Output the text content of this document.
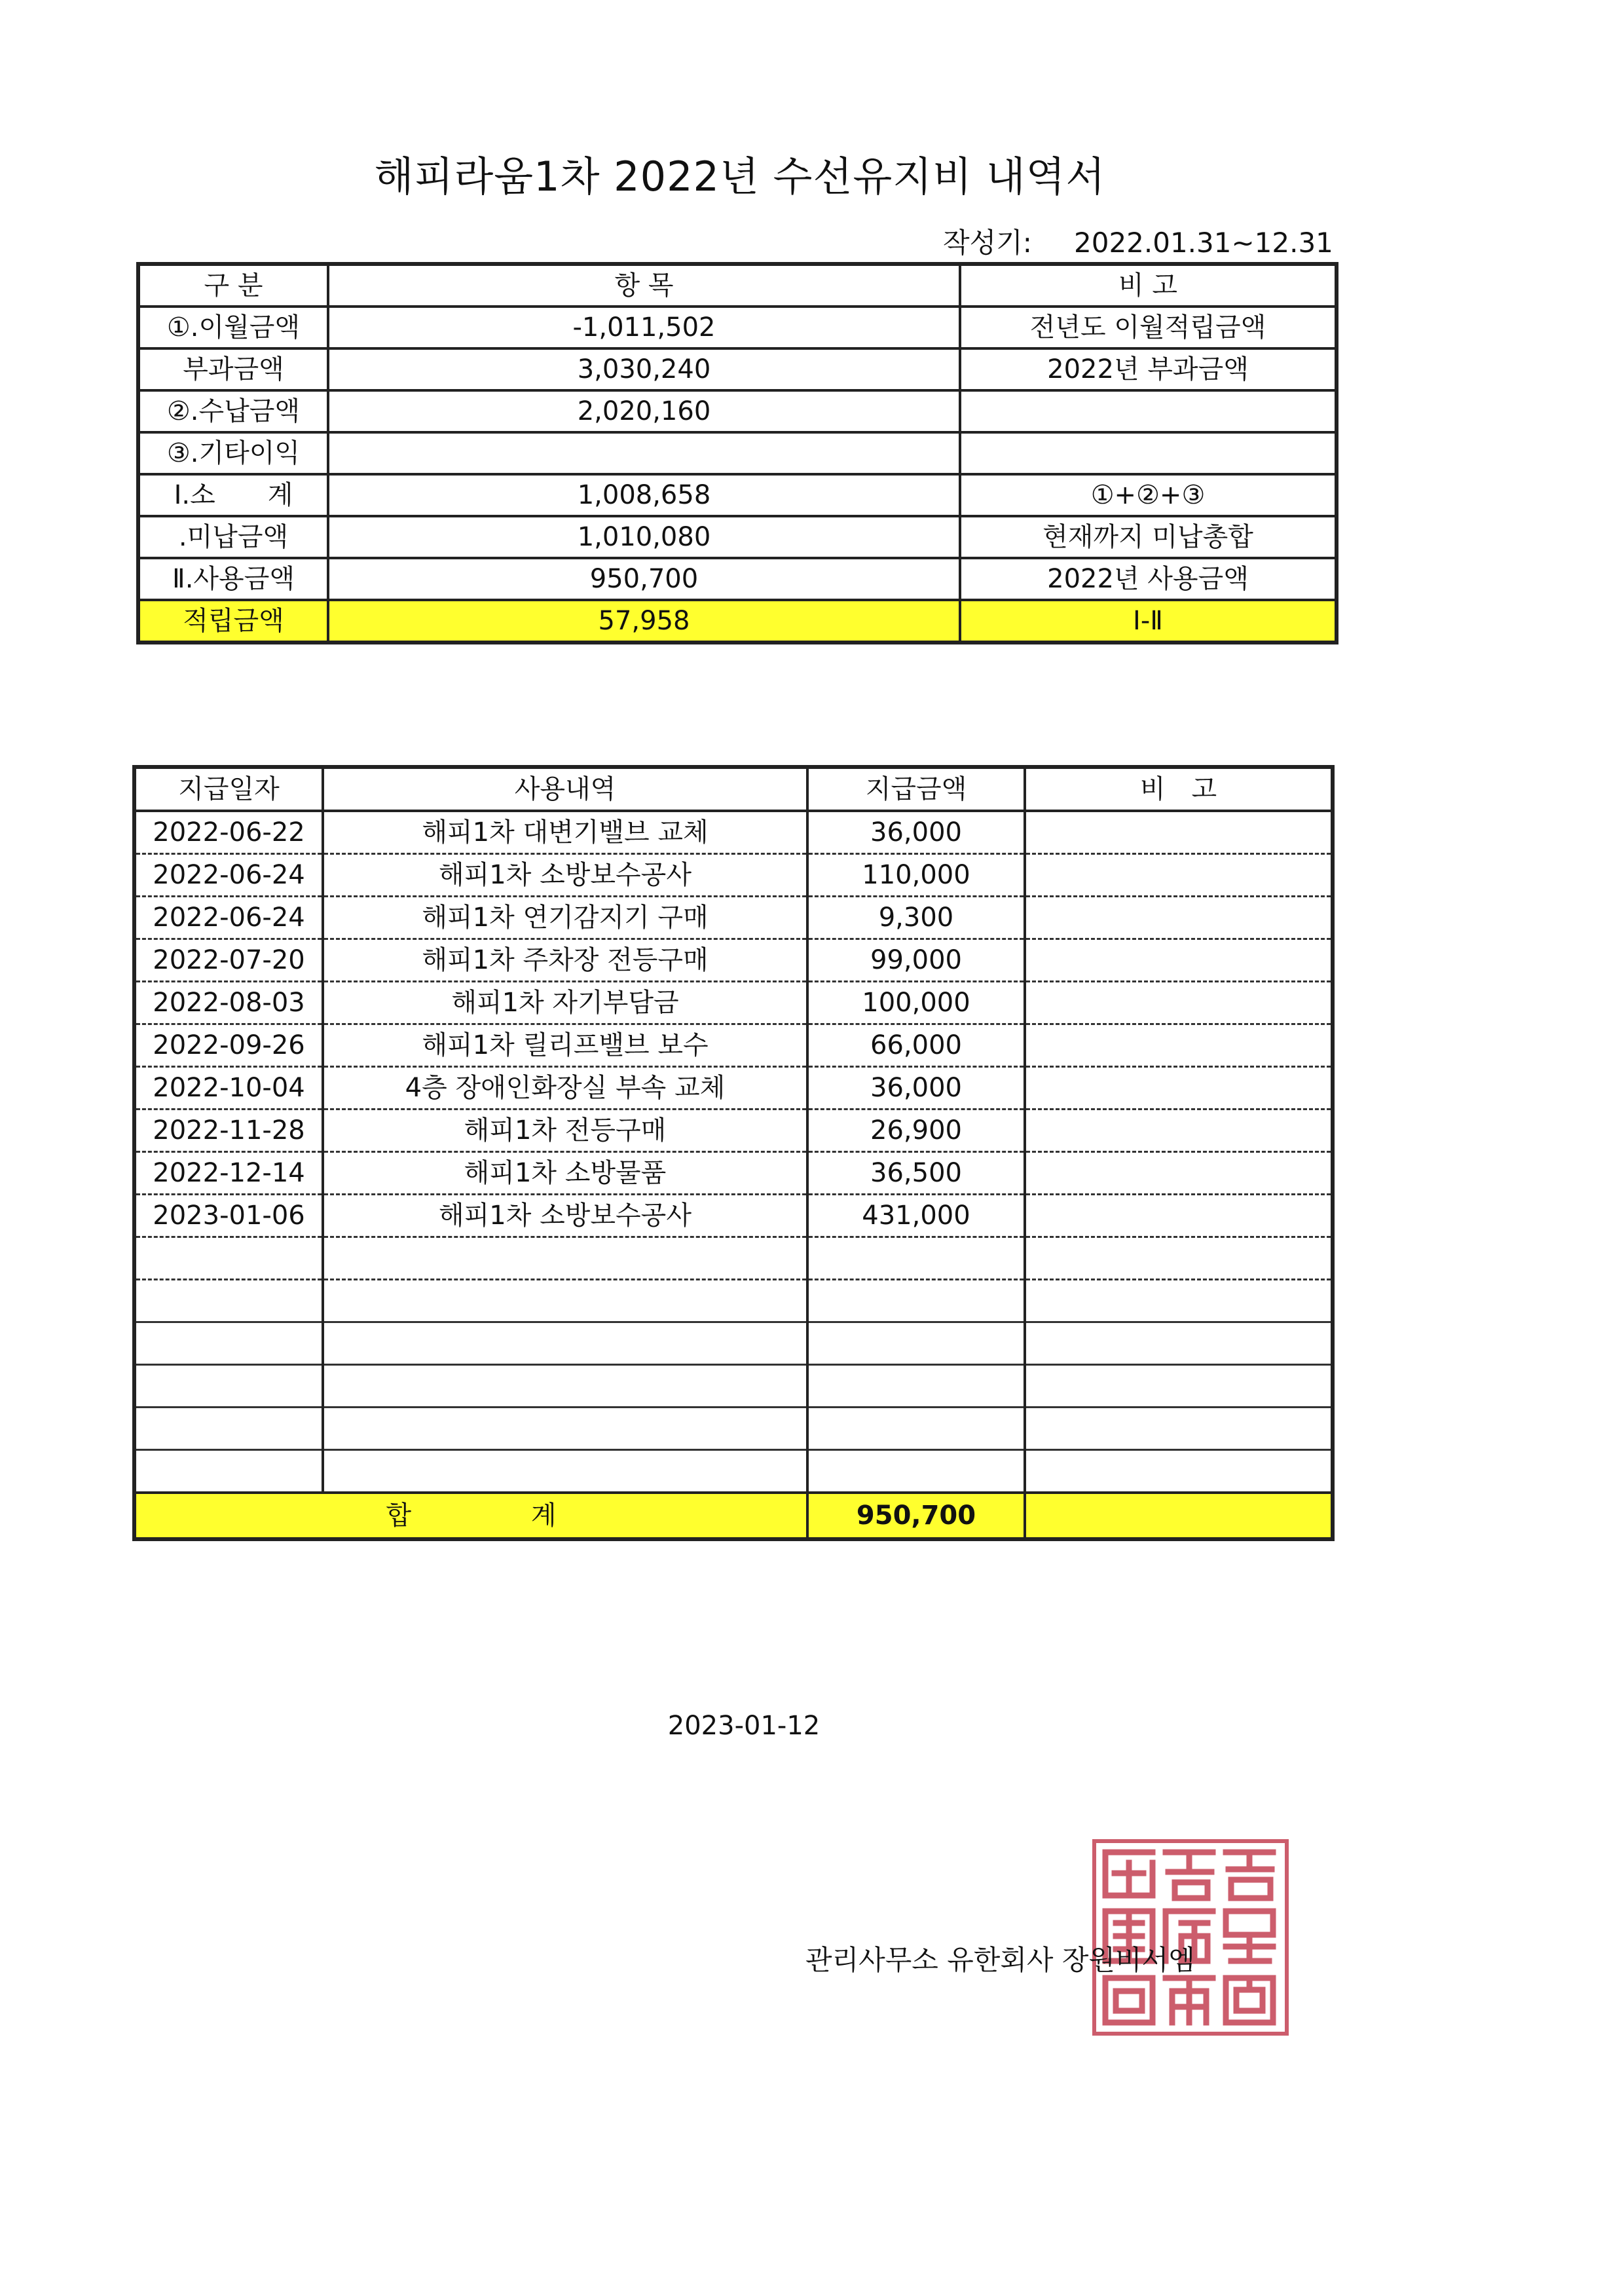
해피라움1차 2022년 수선유지비 내역서
작성기: 2022.01.31~12.31
구 분	항 목	비 고
①.이월금액	-1,011,502	전년도 이월적립금액
부과금액	3,030,240	2022년 부과금액
②.수납금액	2,020,160	
③.기타이익		
Ⅰ.소　　계	1,008,658	①+②+③
.미납금액	1,010,080	현재까지 미납총합
Ⅱ.사용금액	950,700	2022년 사용금액
적립금액	57,958	Ⅰ-Ⅱ
지급일자	사용내역	지급금액	비　고
2022-06-22	해피1차 대변기밸브 교체	36,000	
2022-06-24	해피1차 소방보수공사	110,000	
2022-06-24	해피1차 연기감지기 구매	9,300	
2022-07-20	해피1차 주차장 전등구매	99,000	
2022-08-03	해피1차 자기부담금	100,000	
2022-09-26	해피1차 릴리프밸브 보수	66,000	
2022-10-04	4층 장애인화장실 부속 교체	36,000	
2022-11-28	해피1차 전등구매	26,900	
2022-12-14	해피1차 소방물품	36,500	
2023-01-06	해피1차 소방보수공사	431,000	

합 계		950,700	
2023-01-12
관리사무소 유한회사 장원비서엠
